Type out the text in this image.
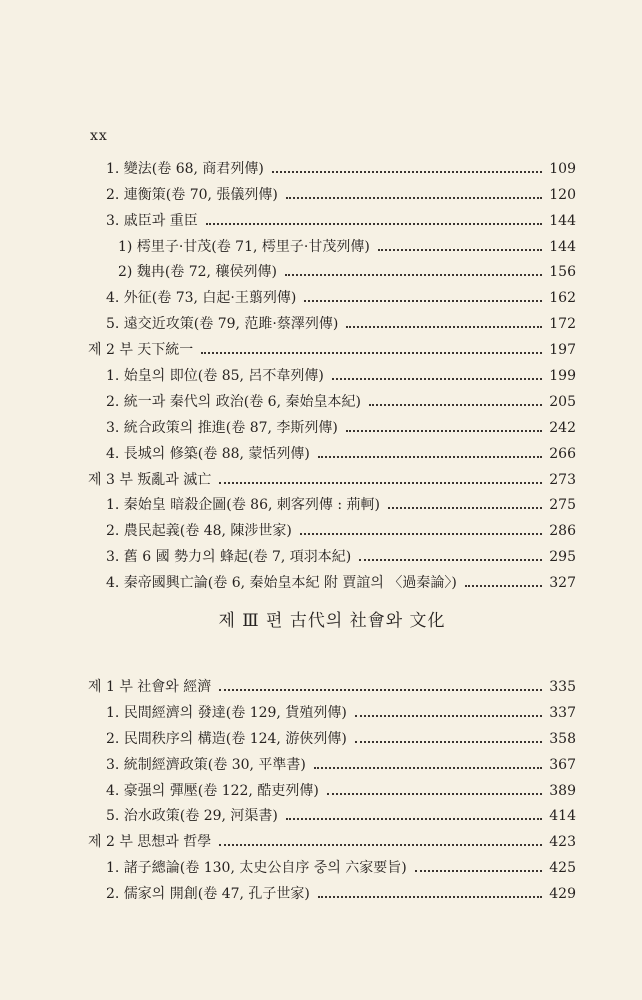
xx
1. 變法(卷 68, 商君列傳)	109
2. 連衡策(卷 70, 張儀列傳)	120
3. 戚臣과 重臣	144
1) 樗里子·甘茂(卷 71, 樗里子·甘茂列傳)	144
2) 魏冉(卷 72, 穰侯列傳)	156
4. 外征(卷 73, 白起·王翦列傳)	162
5. 遠交近攻策(卷 79, 范雎·蔡澤列傳)	172
제 2 부 天下統一	197
1. 始皇의 即位(卷 85, 呂不韋列傳)	199
2. 統一과 秦代의 政治(卷 6, 秦始皇本紀)	205
3. 統合政策의 推進(卷 87, 李斯列傳)	242
4. 長城의 修築(卷 88, 蒙恬列傳)	266
제 3 부 叛亂과 滅亡	273
1. 秦始皇 暗殺企圖(卷 86, 刺客列傳 : 荊軻)	275
2. 農民起義(卷 48, 陳涉世家)	286
3. 舊 6 國 勢力의 蜂起(卷 7, 項羽本紀)	295
4. 秦帝國興亡論(卷 6, 秦始皇本紀 附 賈誼의 〈過秦論〉)	327
제 Ⅲ 편 古代의 社會와 文化
제 1 부 社會와 經濟	335
1. 民間經濟의 發達(卷 129, 貨殖列傳)	337
2. 民間秩序의 構造(卷 124, 游俠列傳)	358
3. 統制經濟政策(卷 30, 平準書)	367
4. 豪强의 彈壓(卷 122, 酷吏列傳)	389
5. 治水政策(卷 29, 河渠書)	414
제 2 부 思想과 哲學	423
1. 諸子總論(卷 130, 太史公自序 중의 六家要旨)	425
2. 儒家의 開創(卷 47, 孔子世家)	429
